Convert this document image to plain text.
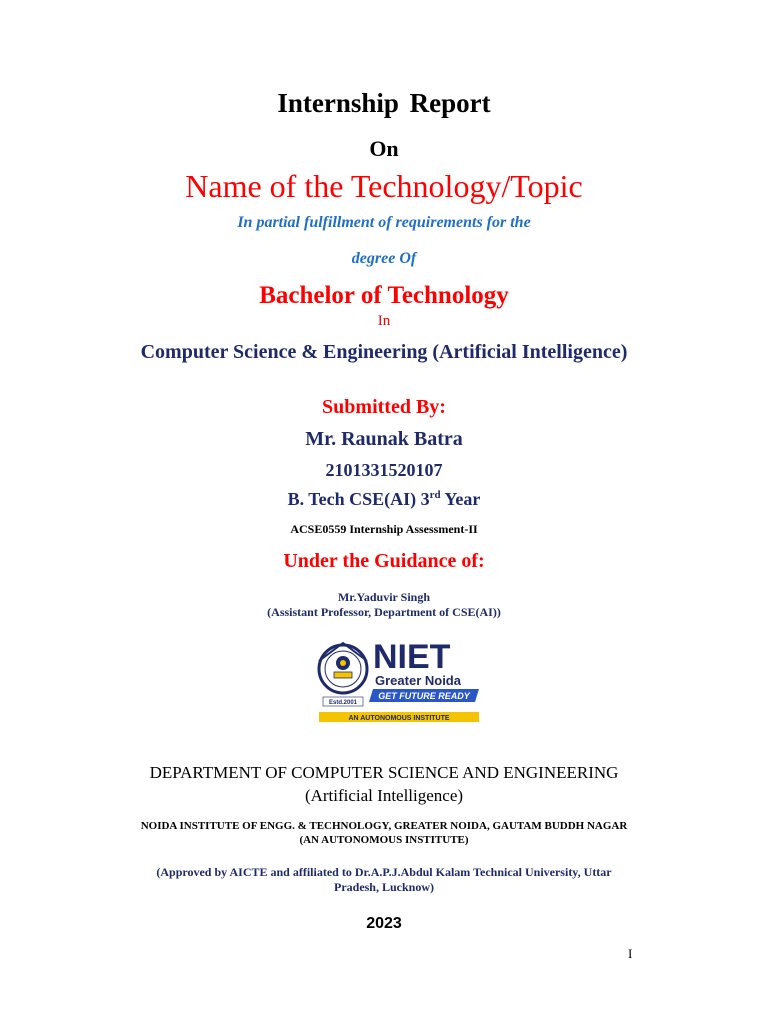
Internship Report
On
Name of the Technology/Topic
In partial fulfillment of requirements for the
degree Of
Bachelor of Technology
In
Computer Science & Engineering (Artificial Intelligence)
Submitted By:
Mr. Raunak Batra
2101331520107
B. Tech CSE(AI) 3rd Year
ACSE0559 Internship Assessment-II
Under the Guidance of:
Mr.Yaduvir Singh
(Assistant Professor, Department of CSE(AI))
Estd.2001
NIET
Greater Noida
GET FUTURE READY
AN AUTONOMOUS INSTITUTE
DEPARTMENT OF COMPUTER SCIENCE AND ENGINEERING
(Artificial Intelligence)
NOIDA INSTITUTE OF ENGG. & TECHNOLOGY, GREATER NOIDA, GAUTAM BUDDH NAGAR
(AN AUTONOMOUS INSTITUTE)
(Approved by AICTE and affiliated to Dr.A.P.J.Abdul Kalam Technical University, Uttar
Pradesh, Lucknow)
2023
I
